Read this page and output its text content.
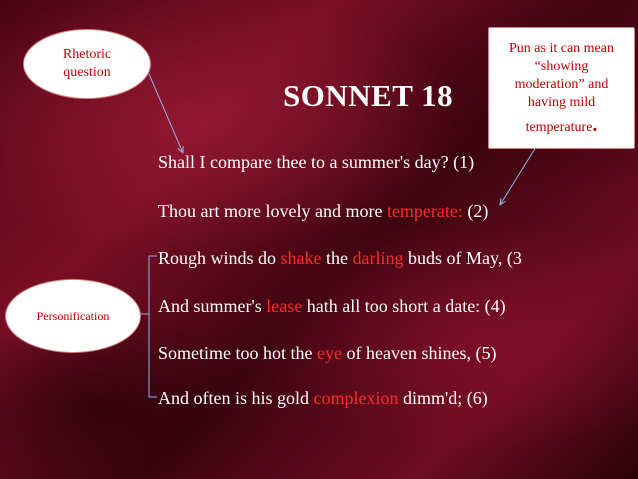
SONNET 18
Shall I compare thee to a summer's day? (1)
Thou art more lovely and more temperate: (2)
Rough winds do shake the darling buds of May, (3
And summer's lease hath all too short a date: (4)
Sometime too hot the eye of heaven shines, (5)
And often is his gold complexion dimm'd; (6)
Rhetoric
question
Personification
Pun as it can mean
“showing
moderation” and
having mild
temperature.
